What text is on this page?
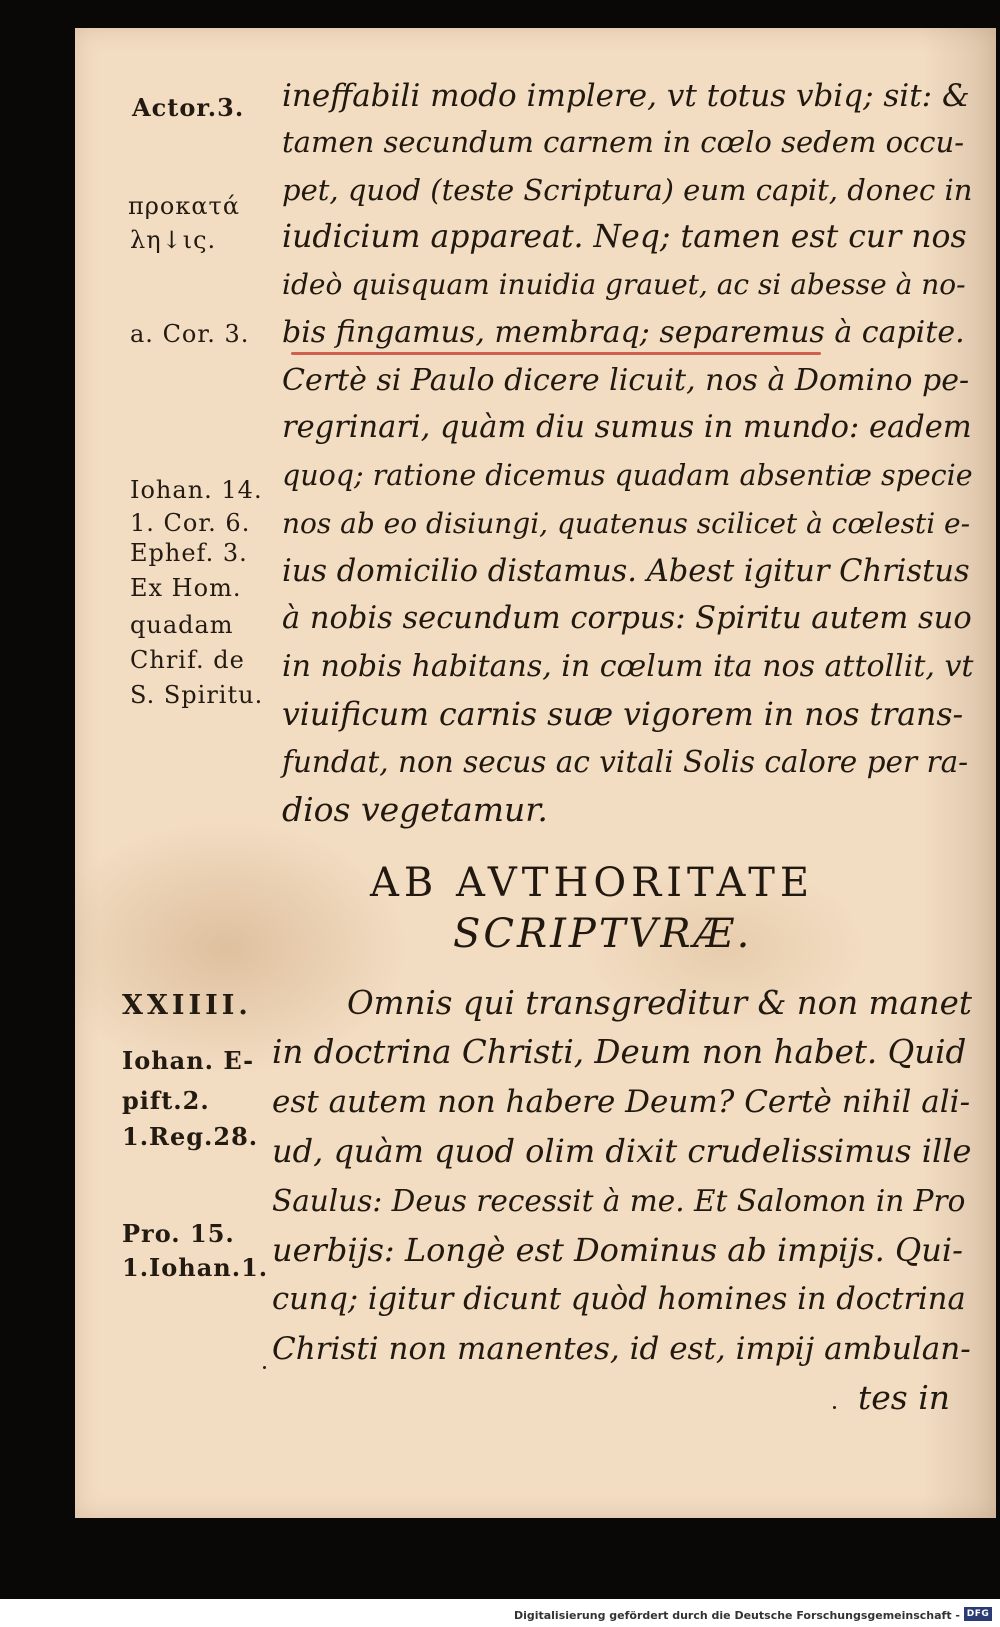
Actor.3.

προκατά

λη↓ις.

a. Cor. 3.

Iohan. 14.

1. Cor. 6.

Ephef. 3.

Ex Hom.

quadam

Chrif. de

S. Spiritu.

XXIIII.

Iohan. E-

pift.2.

1.Reg.28.

Pro. 15.

1.Iohan.1.

ineffabili modo implere, vt totus vbiq; sit: &

tamen secundum carnem in cœlo sedem occu-

pet, quod (teste Scriptura) eum capit, donec in

iudicium appareat. Neq; tamen est cur nos

ideò quisquam inuidia grauet, ac si abesse à no-

bis fingamus, membraq; separemus à capite.

Certè si Paulo dicere licuit, nos à Domino pe-

regrinari, quàm diu sumus in mundo: eadem

quoq; ratione dicemus quadam absentiæ specie

nos ab eo disiungi, quatenus scilicet à cœlesti e-

ius domicilio distamus. Abest igitur Christus

à nobis secundum corpus: Spiritu autem suo

in nobis habitans, in cœlum ita nos attollit, vt

viuificum carnis suæ vigorem in nos trans-

fundat, non secus ac vitali Solis calore per ra-

dios vegetamur.

AB AVTHORITATE

SCRIPTVRÆ.

Omnis qui transgreditur & non manet

in doctrina Christi, Deum non habet. Quid

est autem non habere Deum? Certè nihil ali-

ud, quàm quod olim dixit crudelissimus ille

Saulus: Deus recessit à me. Et Salomon in Pro

uerbijs: Longè est Dominus ab impijs. Qui-

cunq; igitur dicunt quòd homines in doctrina

Christi non manentes, id est, impij ambulan-

tes in

Digitalisierung gefördert durch die Deutsche Forschungsgemeinschaft - DFG
